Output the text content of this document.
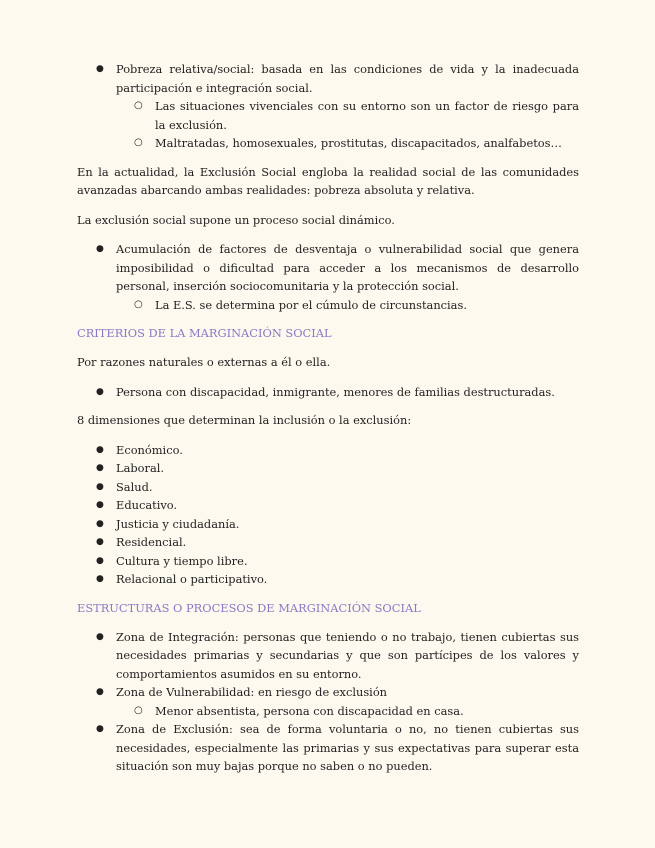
● Pobreza relativa/social: basada en las condiciones de vida y la inadecuada participación e integración social.
○ Las situaciones vivenciales con su entorno son un factor de riesgo para la exclusión.
○ Maltratadas, homosexuales, prostitutas, discapacitados, analfabetos…

En la actualidad, la Exclusión Social engloba la realidad social de las comunidades avanzadas abarcando ambas realidades: pobreza absoluta y relativa.

La exclusión social supone un proceso social dinámico.

● Acumulación de factores de desventaja o vulnerabilidad social que genera imposibilidad o dificultad para acceder a los mecanismos de desarrollo personal, inserción sociocomunitaria y la protección social.
○ La E.S. se determina por el cúmulo de circunstancias.

CRITERIOS DE LA MARGINACIÓN SOCIAL

Por razones naturales o externas a él o ella.

● Persona con discapacidad, inmigrante, menores de familias destructuradas.

8 dimensiones que determinan la inclusión o la exclusión:

● Económico.
● Laboral.
● Salud.
● Educativo.
● Justicia y ciudadanía.
● Residencial.
● Cultura y tiempo libre.
● Relacional o participativo.

ESTRUCTURAS O PROCESOS DE MARGINACIÓN SOCIAL

● Zona de Integración: personas que teniendo o no trabajo, tienen cubiertas sus necesidades primarias y secundarias y que son partícipes de los valores y comportamientos asumidos en su entorno.
● Zona de Vulnerabilidad: en riesgo de exclusión
○ Menor absentista, persona con discapacidad en casa.
● Zona de Exclusión: sea de forma voluntaria o no, no tienen cubiertas sus necesidades, especialmente las primarias y sus expectativas para superar esta situación son muy bajas porque no saben o no pueden.
